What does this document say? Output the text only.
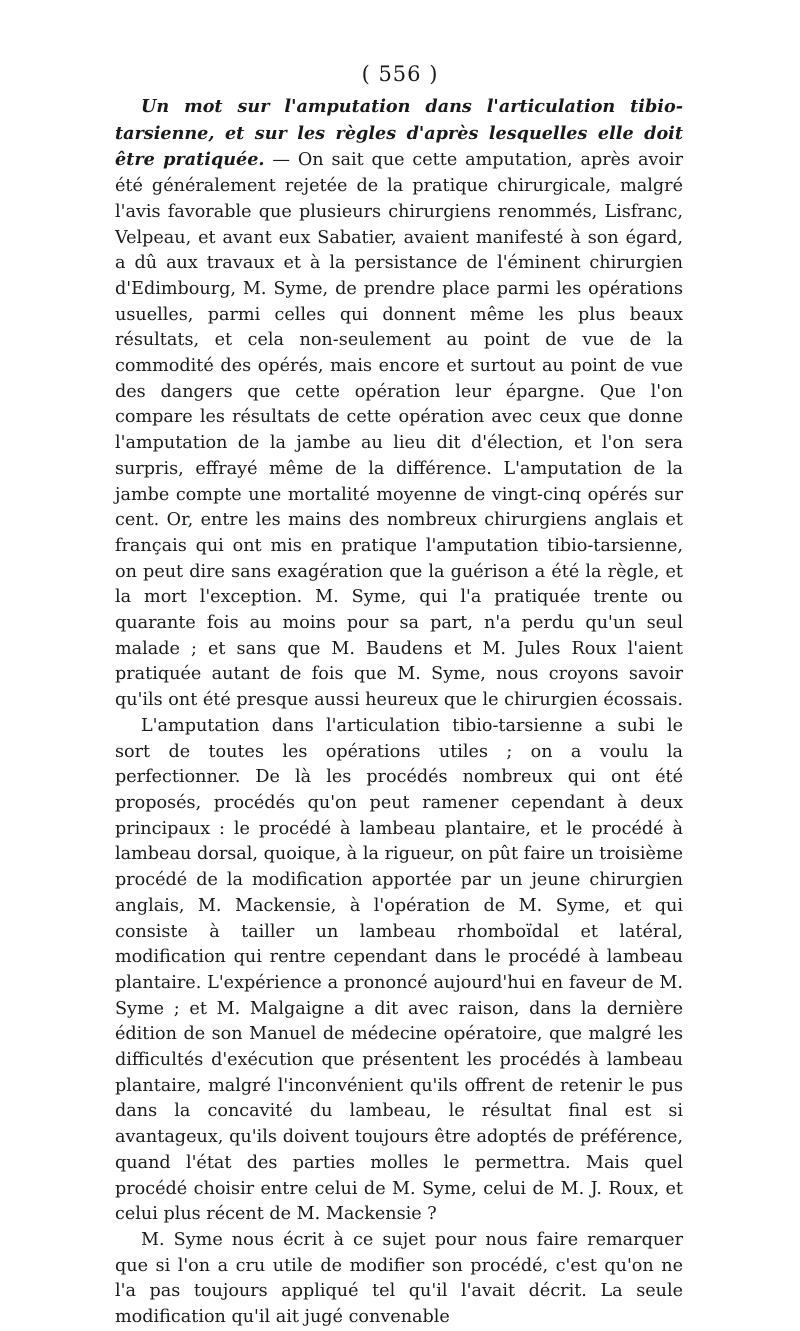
( 556 )

Un mot sur l'amputation dans l'articulation tibio-tarsienne, et sur les règles d'après lesquelles elle doit être pratiquée. — On sait que cette amputation, après avoir été généralement rejetée de la pratique chirurgicale, malgré l'avis favorable que plusieurs chirurgiens renommés, Lisfranc, Velpeau, et avant eux Sabatier, avaient manifesté à son égard, a dû aux travaux et à la persistance de l'éminent chirurgien d'Edimbourg, M. Syme, de prendre place parmi les opérations usuelles, parmi celles qui donnent même les plus beaux résultats, et cela non-seulement au point de vue de la commodité des opérés, mais encore et surtout au point de vue des dangers que cette opération leur épargne. Que l'on compare les résultats de cette opération avec ceux que donne l'amputation de la jambe au lieu dit d'élection, et l'on sera surpris, effrayé même de la différence. L'amputation de la jambe compte une mortalité moyenne de vingt-cinq opérés sur cent. Or, entre les mains des nombreux chirurgiens anglais et français qui ont mis en pratique l'amputation tibio-tarsienne, on peut dire sans exagération que la guérison a été la règle, et la mort l'exception. M. Syme, qui l'a pratiquée trente ou quarante fois au moins pour sa part, n'a perdu qu'un seul malade ; et sans que M. Baudens et M. Jules Roux l'aient pratiquée autant de fois que M. Syme, nous croyons savoir qu'ils ont été presque aussi heureux que le chirurgien écossais.

L'amputation dans l'articulation tibio-tarsienne a subi le sort de toutes les opérations utiles ; on a voulu la perfectionner. De là les procédés nombreux qui ont été proposés, procédés qu'on peut ramener cependant à deux principaux : le procédé à lambeau plantaire, et le procédé à lambeau dorsal, quoique, à la rigueur, on pût faire un troisième procédé de la modification apportée par un jeune chirurgien anglais, M. Mackensie, à l'opération de M. Syme, et qui consiste à tailler un lambeau rhomboïdal et latéral, modification qui rentre cependant dans le procédé à lambeau plantaire. L'expérience a prononcé aujourd'hui en faveur de M. Syme ; et M. Malgaigne a dit avec raison, dans la dernière édition de son Manuel de médecine opératoire, que malgré les difficultés d'exécution que présentent les procédés à lambeau plantaire, malgré l'inconvénient qu'ils offrent de retenir le pus dans la concavité du lambeau, le résultat final est si avantageux, qu'ils doivent toujours être adoptés de préférence, quand l'état des parties molles le permettra. Mais quel procédé choisir entre celui de M. Syme, celui de M. J. Roux, et celui plus récent de M. Mackensie ?

M. Syme nous écrit à ce sujet pour nous faire remarquer que si l'on a cru utile de modifier son procédé, c'est qu'on ne l'a pas toujours appliqué tel qu'il l'avait décrit. La seule modification qu'il ait jugé convenable
